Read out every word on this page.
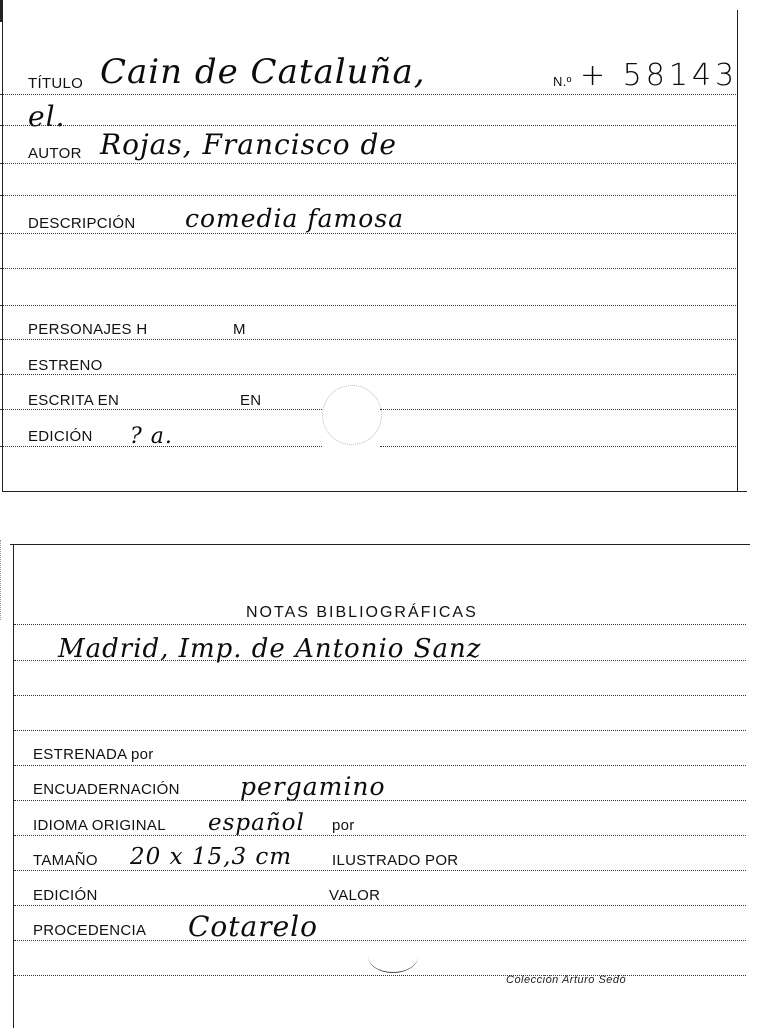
TÍTULO Cain de Cataluña,	N.º + 58143
el.
AUTOR Rojas, Francisco de
DESCRIPCIÓN comedia famosa
PERSONAJES H	M
ESTRENO
ESCRITA EN	EN
EDICIÓN ? a.
NOTAS BIBLIOGRÁFICAS
Madrid, Imp. de Antonio Sanz
ESTRENADA por
ENCUADERNACIÓN pergamino
IDIOMA ORIGINAL español por
TAMAÑO 20 x 15,3 cm	ILUSTRADO POR
EDICIÓN	VALOR
PROCEDENCIA Cotarelo
Colección Arturo Sedó
